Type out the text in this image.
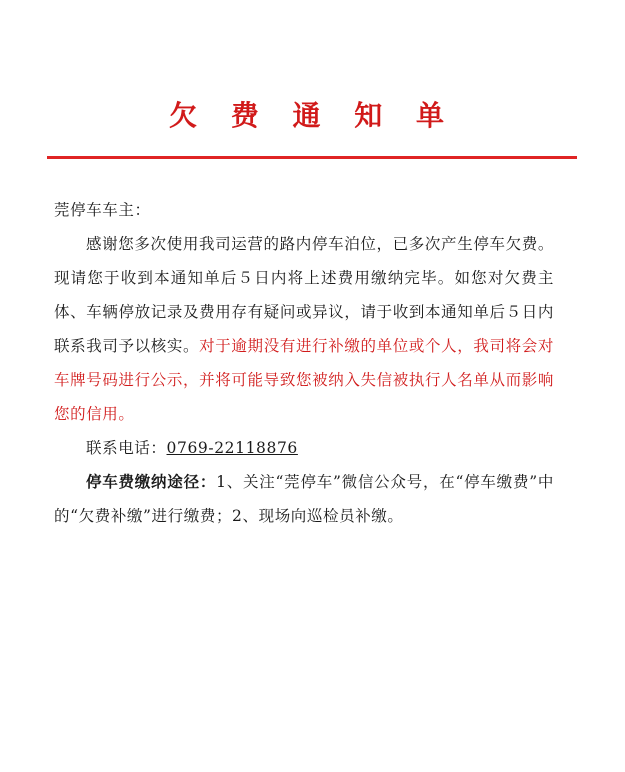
欠 费 通 知 单

莞停车车主：

感谢您多次使用我司运营的路内停车泊位，已多次产生停车欠费。现请您于收到本通知单后５日内将上述费用缴纳完毕。如您对欠费主体、车辆停放记录及费用存有疑问或异议，请于收到本通知单后５日内联系我司予以核实。对于逾期没有进行补缴的单位或个人，我司将会对车牌号码进行公示，并将可能导致您被纳入失信被执行人名单从而影响您的信用。

联系电话：0769-22118876

停车费缴纳途径：1、关注“莞停车”微信公众号，在“停车缴费”中的“欠费补缴”进行缴费；2、现场向巡检员补缴。
